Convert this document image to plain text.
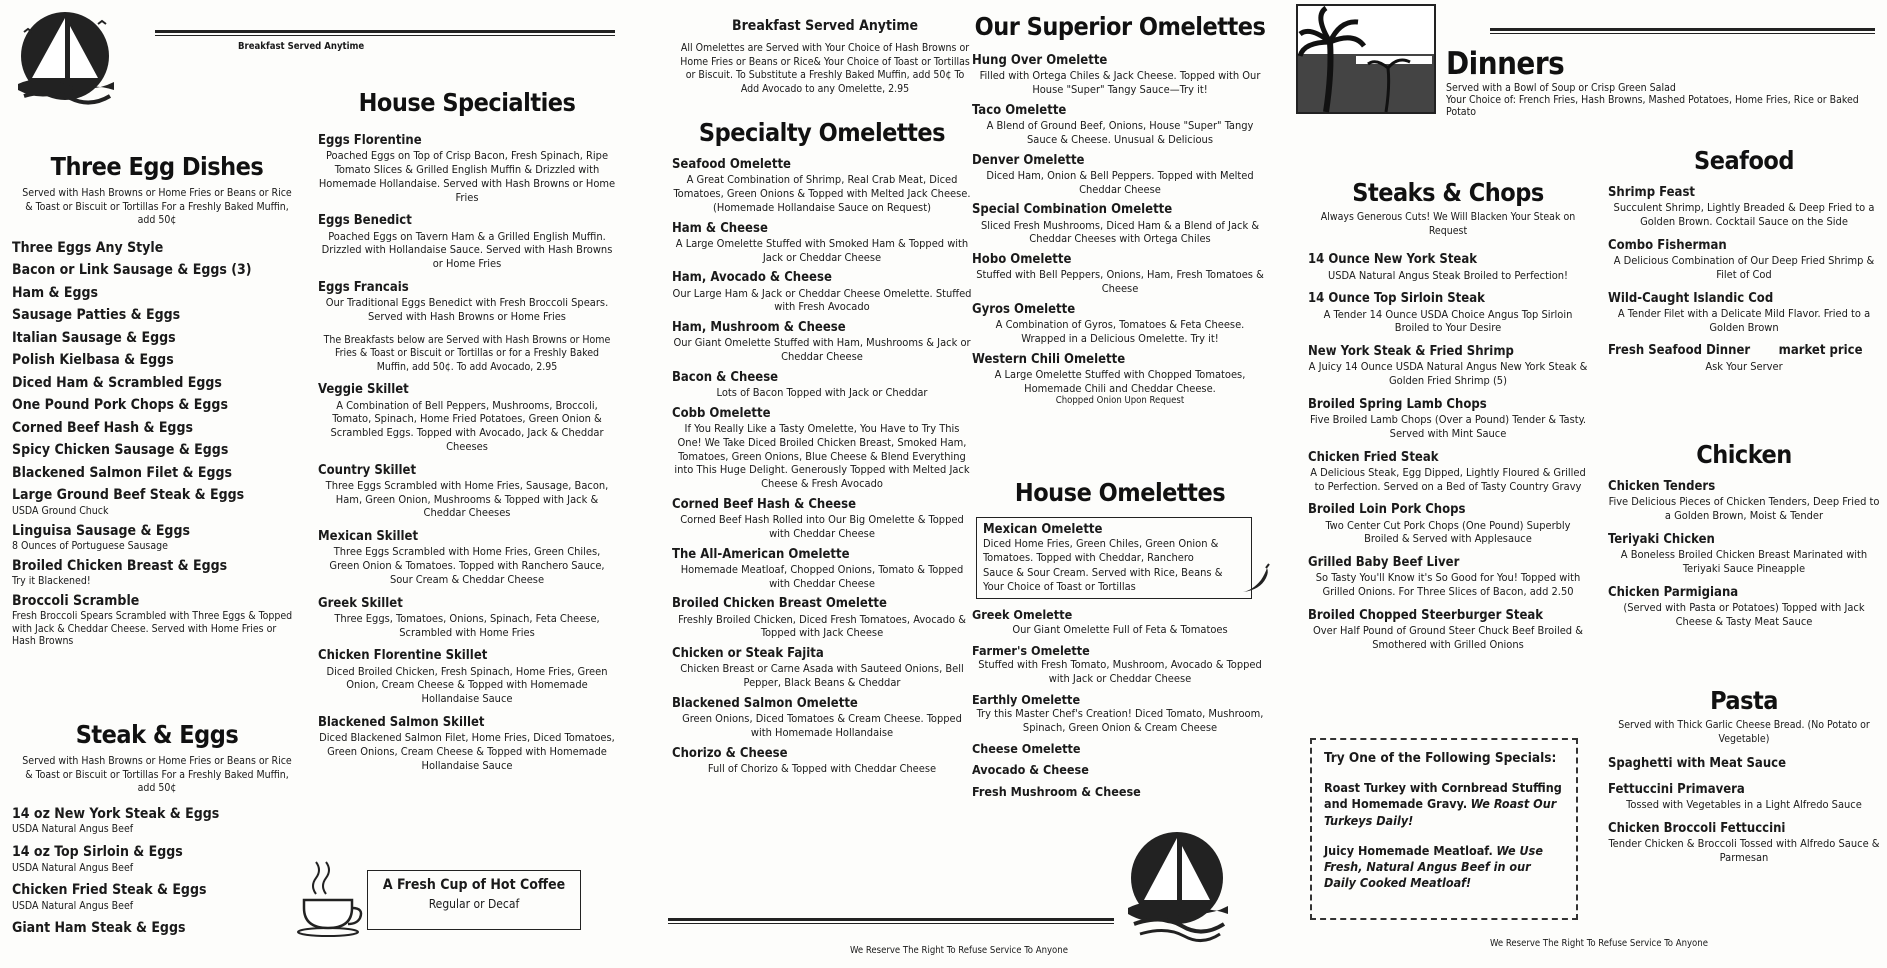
Breakfast Served Anytime
Three Egg Dishes
Served with Hash Browns or Home Fries or Beans or Rice & Toast or Biscuit or Tortillas For a Freshly Baked Muffin, add 50¢
Three Eggs Any Style
Bacon or Link Sausage & Eggs (3)
Ham & Eggs
Sausage Patties & Eggs
Italian Sausage & Eggs
Polish Kielbasa & Eggs
Diced Ham & Scrambled Eggs
One Pound Pork Chops & Eggs
Corned Beef Hash & Eggs
Spicy Chicken Sausage & Eggs
Blackened Salmon Filet & Eggs
Large Ground Beef Steak & Eggs
USDA Ground Chuck
Linguisa Sausage & Eggs
8 Ounces of Portuguese Sausage
Broiled Chicken Breast & Eggs
Try it Blackened!
Broccoli Scramble
Fresh Broccoli Spears Scrambled with Three Eggs & Topped with Jack & Cheddar Cheese. Served with Home Fries or Hash Browns
Steak & Eggs
Served with Hash Browns or Home Fries or Beans or Rice & Toast or Biscuit or Tortillas For a Freshly Baked Muffin, add 50¢
14 oz New York Steak & Eggs
USDA Natural Angus Beef
14 oz Top Sirloin & Eggs
USDA Natural Angus Beef
Chicken Fried Steak & Eggs
USDA Natural Angus Beef
Giant Ham Steak & Eggs
House Specialties
Eggs Florentine
Poached Eggs on Top of Crisp Bacon, Fresh Spinach, Ripe Tomato Slices & Grilled English Muffin & Drizzled with Homemade Hollandaise. Served with Hash Browns or Home Fries
Eggs Benedict
Poached Eggs on Tavern Ham & a Grilled English Muffin. Drizzled with Hollandaise Sauce. Served with Hash Browns or Home Fries
Eggs Francais
Our Traditional Eggs Benedict with Fresh Broccoli Spears. Served with Hash Browns or Home Fries
The Breakfasts below are Served with Hash Browns or Home Fries & Toast or Biscuit or Tortillas or for a Freshly Baked Muffin, add 50¢. To add Avocado, 2.95
Veggie Skillet
A Combination of Bell Peppers, Mushrooms, Broccoli, Tomato, Spinach, Home Fried Potatoes, Green Onion & Scrambled Eggs. Topped with Avocado, Jack & Cheddar Cheeses
Country Skillet
Three Eggs Scrambled with Home Fries, Sausage, Bacon, Ham, Green Onion, Mushrooms & Topped with Jack & Cheddar Cheeses
Mexican Skillet
Three Eggs Scrambled with Home Fries, Green Chiles, Green Onion & Tomatoes. Topped with Ranchero Sauce, Sour Cream & Cheddar Cheese
Greek Skillet
Three Eggs, Tomatoes, Onions, Spinach, Feta Cheese, Scrambled with Home Fries
Chicken Florentine Skillet
Diced Broiled Chicken, Fresh Spinach, Home Fries, Green Onion, Cream Cheese & Topped with Homemade Hollandaise Sauce
Blackened Salmon Skillet
Diced Blackened Salmon Filet, Home Fries, Diced Tomatoes, Green Onions, Cream Cheese & Topped with Homemade Hollandaise Sauce
A Fresh Cup of Hot Coffee
Regular or Decaf
Breakfast Served Anytime
All Omelettes are Served with Your Choice of Hash Browns or Home Fries or Beans or Rice& Your Choice of Toast or Tortillas or Biscuit. To Substitute a Freshly Baked Muffin, add 50¢ To Add Avocado to any Omelette, 2.95
Specialty Omelettes
Seafood Omelette
A Great Combination of Shrimp, Real Crab Meat, Diced Tomatoes, Green Onions & Topped with Melted Jack Cheese. (Homemade Hollandaise Sauce on Request)
Ham & Cheese
A Large Omelette Stuffed with Smoked Ham & Topped with Jack or Cheddar Cheese
Ham, Avocado & Cheese
Our Large Ham & Jack or Cheddar Cheese Omelette. Stuffed with Fresh Avocado
Ham, Mushroom & Cheese
Our Giant Omelette Stuffed with Ham, Mushrooms & Jack or Cheddar Cheese
Bacon & Cheese
Lots of Bacon Topped with Jack or Cheddar
Cobb Omelette
If You Really Like a Tasty Omelette, You Have to Try This One! We Take Diced Broiled Chicken Breast, Smoked Ham, Tomatoes, Green Onions, Blue Cheese & Blend Everything into This Huge Delight. Generously Topped with Melted Jack Cheese & Fresh Avocado
Corned Beef Hash & Cheese
Corned Beef Hash Rolled into Our Big Omelette & Topped with Cheddar Cheese
The All-American Omelette
Homemade Meatloaf, Chopped Onions, Tomato & Topped with Cheddar Cheese
Broiled Chicken Breast Omelette
Freshly Broiled Chicken, Diced Fresh Tomatoes, Avocado & Topped with Jack Cheese
Chicken or Steak Fajita
Chicken Breast or Carne Asada with Sauteed Onions, Bell Pepper, Black Beans & Cheddar
Blackened Salmon Omelette
Green Onions, Diced Tomatoes & Cream Cheese. Topped with Homemade Hollandaise
Chorizo & Cheese
Full of Chorizo & Topped with Cheddar Cheese
Our Superior Omelettes
Hung Over Omelette
Filled with Ortega Chiles & Jack Cheese. Topped with Our House "Super" Tangy Sauce—Try it!
Taco Omelette
A Blend of Ground Beef, Onions, House "Super" Tangy Sauce & Cheese. Unusual & Delicious
Denver Omelette
Diced Ham, Onion & Bell Peppers. Topped with Melted Cheddar Cheese
Special Combination Omelette
Sliced Fresh Mushrooms, Diced Ham & a Blend of Jack & Cheddar Cheeses with Ortega Chiles
Hobo Omelette
Stuffed with Bell Peppers, Onions, Ham, Fresh Tomatoes & Cheese
Gyros Omelette
A Combination of Gyros, Tomatoes & Feta Cheese. Wrapped in a Delicious Omelette. Try it!
Western Chili Omelette
A Large Omelette Stuffed with Chopped Tomatoes, Homemade Chili and Cheddar Cheese.
Chopped Onion Upon Request
House Omelettes
Mexican Omelette
Diced Home Fries, Green Chiles, Green Onion & Tomatoes. Topped with Cheddar, Ranchero Sauce & Sour Cream. Served with Rice, Beans & Your Choice of Toast or Tortillas
Greek Omelette
Our Giant Omelette Full of Feta & Tomatoes
Farmer's Omelette
Stuffed with Fresh Tomato, Mushroom, Avocado & Topped with Jack or Cheddar Cheese
Earthly Omelette
Try this Master Chef's Creation! Diced Tomato, Mushroom, Spinach, Green Onion & Cream Cheese
Cheese Omelette
Avocado & Cheese
Fresh Mushroom & Cheese
We Reserve The Right To Refuse Service To Anyone
Dinners
Served with a Bowl of Soup or Crisp Green Salad
Your Choice of: French Fries, Hash Browns, Mashed Potatoes, Home Fries, Rice or Baked Potato
Steaks & Chops
Always Generous Cuts! We Will Blacken Your Steak on Request
14 Ounce New York Steak
USDA Natural Angus Steak Broiled to Perfection!
14 Ounce Top Sirloin Steak
A Tender 14 Ounce USDA Choice Angus Top Sirloin Broiled to Your Desire
New York Steak & Fried Shrimp
A Juicy 14 Ounce USDA Natural Angus New York Steak & Golden Fried Shrimp (5)
Broiled Spring Lamb Chops
Five Broiled Lamb Chops (Over a Pound) Tender & Tasty. Served with Mint Sauce
Chicken Fried Steak
A Delicious Steak, Egg Dipped, Lightly Floured & Grilled to Perfection. Served on a Bed of Tasty Country Gravy
Broiled Loin Pork Chops
Two Center Cut Pork Chops (One Pound) Superbly Broiled & Served with Applesauce
Grilled Baby Beef Liver
So Tasty You'll Know it's So Good for You! Topped with Grilled Onions. For Three Slices of Bacon, add 2.50
Broiled Chopped Steerburger Steak
Over Half Pound of Ground Steer Chuck Beef Broiled & Smothered with Grilled Onions
Try One of the Following Specials:
Roast Turkey with Cornbread Stuffing and Homemade Gravy. We Roast Our Turkeys Daily!
Juicy Homemade Meatloaf. We Use Fresh, Natural Angus Beef in our Daily Cooked Meatloaf!
Seafood
Shrimp Feast
Succulent Shrimp, Lightly Breaded & Deep Fried to a Golden Brown. Cocktail Sauce on the Side
Combo Fisherman
A Delicious Combination of Our Deep Fried Shrimp & Filet of Cod
Wild-Caught Islandic Cod
A Tender Filet with a Delicate Mild Flavor. Fried to a Golden Brown
Fresh Seafood Dinner market price
Ask Your Server
Chicken
Chicken Tenders
Five Delicious Pieces of Chicken Tenders, Deep Fried to a Golden Brown, Moist & Tender
Teriyaki Chicken
A Boneless Broiled Chicken Breast Marinated with Teriyaki Sauce Pineapple
Chicken Parmigiana
(Served with Pasta or Potatoes) Topped with Jack Cheese & Tasty Meat Sauce
Pasta
Served with Thick Garlic Cheese Bread. (No Potato or Vegetable)
Spaghetti with Meat Sauce
Fettuccini Primavera
Tossed with Vegetables in a Light Alfredo Sauce
Chicken Broccoli Fettuccini
Tender Chicken & Broccoli Tossed with Alfredo Sauce & Parmesan
We Reserve The Right To Refuse Service To Anyone
